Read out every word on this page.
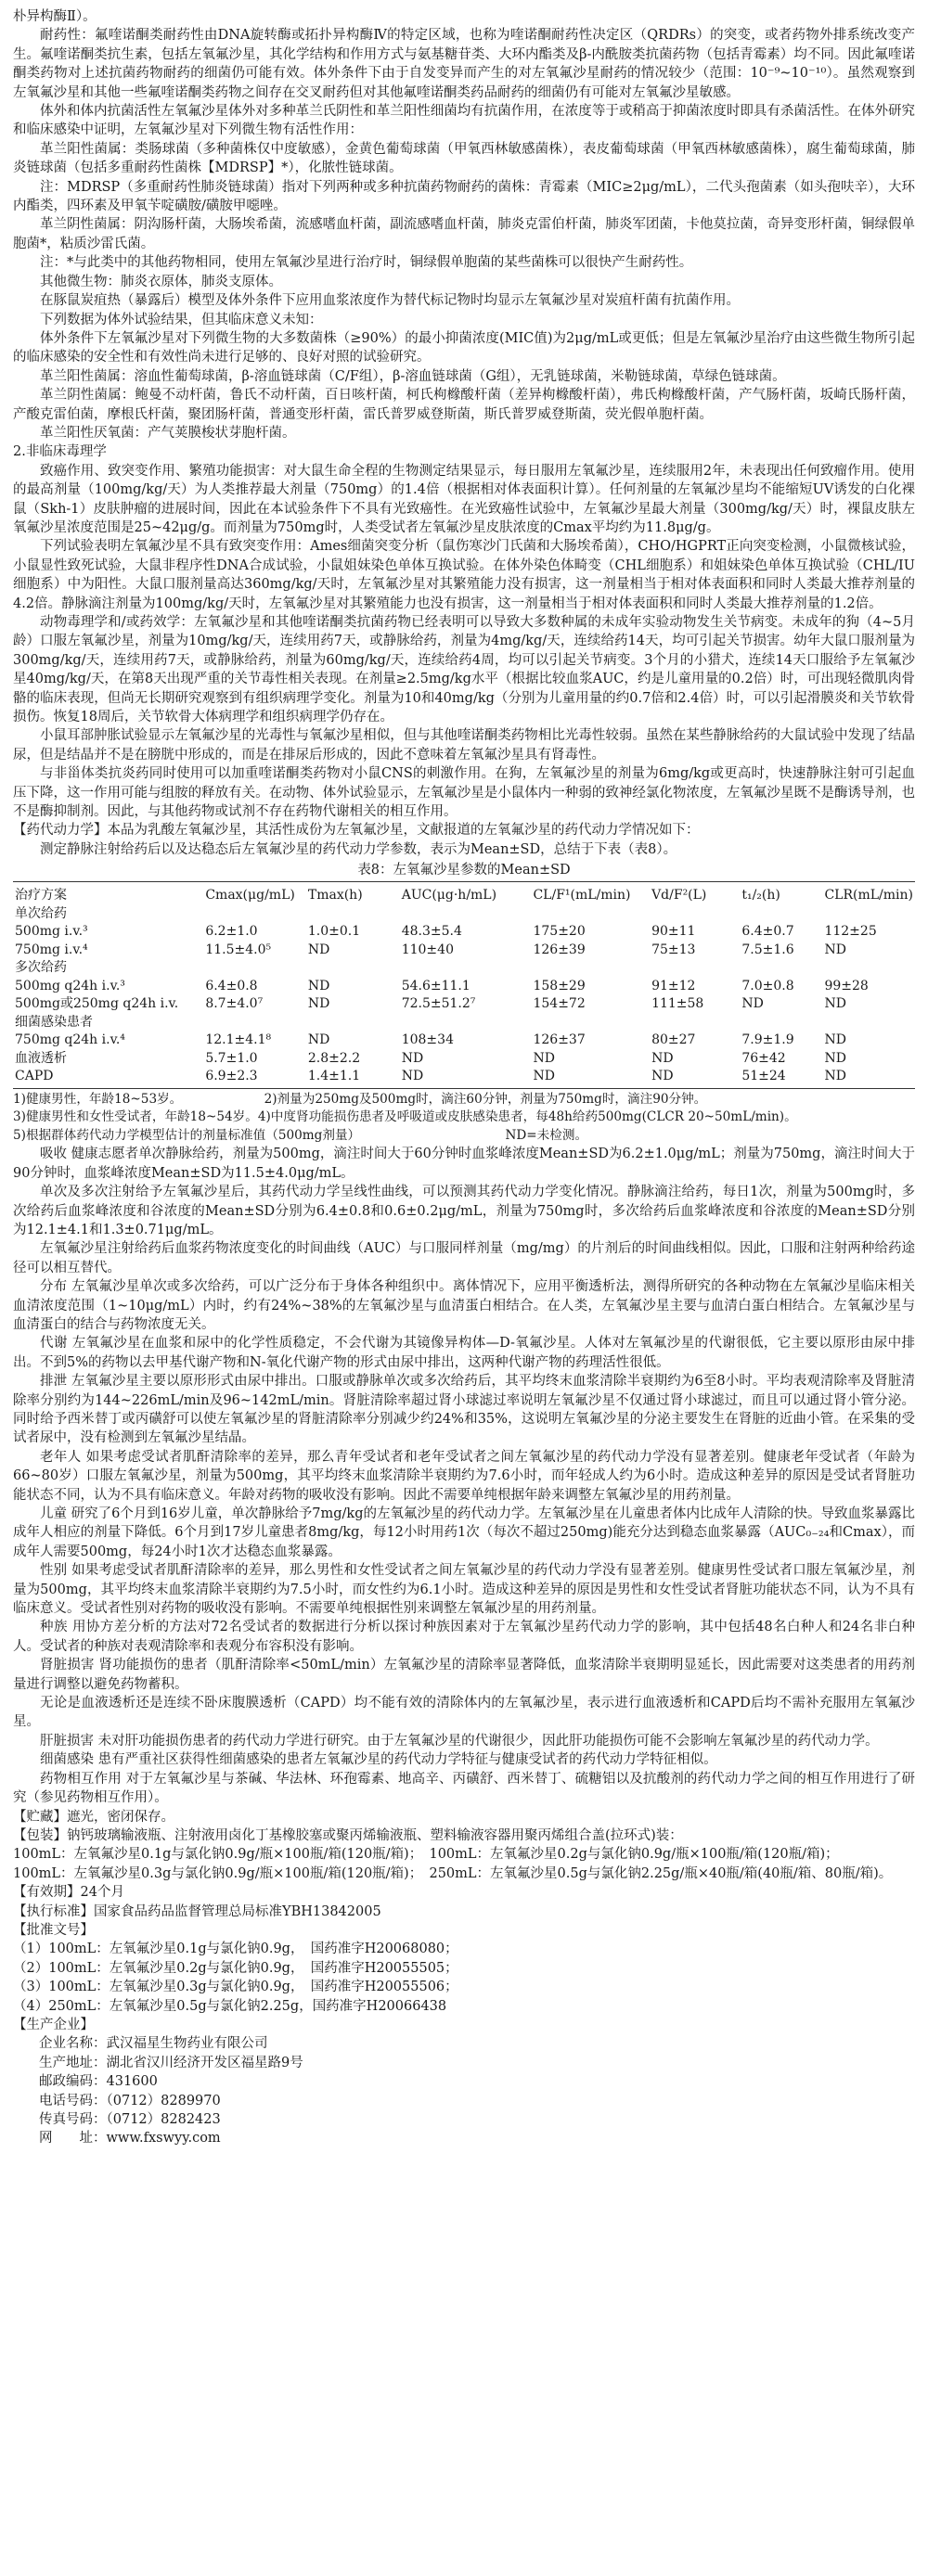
朴异构酶Ⅱ）。

耐药性：氟喹诺酮类耐药性由DNA旋转酶或拓扑异构酶Ⅳ的特定区域，也称为喹诺酮耐药性决定区（QRDRs）的突变，或者药物外排系统改变产生。氟喹诺酮类抗生素，包括左氧氟沙星，其化学结构和作用方式与氨基糖苷类、大环内酯类及β-内酰胺类抗菌药物（包括青霉素）均不同。因此氟喹诺酮类药物对上述抗菌药物耐药的细菌仍可能有效。体外条件下由于自发变异而产生的对左氧氟沙星耐药的情况较少（范围：10⁻⁹~10⁻¹⁰）。虽然观察到左氧氟沙星和其他一些氟喹诺酮类药物之间存在交叉耐药但对其他氟喹诺酮类药品耐药的细菌仍有可能对左氧氟沙星敏感。

体外和体内抗菌活性左氧氟沙星体外对多种革兰氏阴性和革兰阳性细菌均有抗菌作用，在浓度等于或稍高于抑菌浓度时即具有杀菌活性。在体外研究和临床感染中证明，左氧氟沙星对下列微生物有活性作用：

革兰阳性菌属：类肠球菌（多种菌株仅中度敏感），金黄色葡萄球菌（甲氧西林敏感菌株），表皮葡萄球菌（甲氧西林敏感菌株），腐生葡萄球菌，肺炎链球菌（包括多重耐药性菌株【MDRSP】*），化脓性链球菌。

注：MDRSP（多重耐药性肺炎链球菌）指对下列两种或多种抗菌药物耐药的菌株：青霉素（MIC≥2μg/mL），二代头孢菌素（如头孢呋辛），大环内酯类，四环素及甲氧苄啶磺胺/磺胺甲噁唑。

革兰阴性菌属：阴沟肠杆菌，大肠埃希菌，流感嗜血杆菌，副流感嗜血杆菌，肺炎克雷伯杆菌，肺炎军团菌，卡他莫拉菌，奇异变形杆菌，铜绿假单胞菌*，粘质沙雷氏菌。

注：*与此类中的其他药物相同，使用左氧氟沙星进行治疗时，铜绿假单胞菌的某些菌株可以很快产生耐药性。

其他微生物：肺炎衣原体，肺炎支原体。

在豚鼠炭疽热（暴露后）模型及体外条件下应用血浆浓度作为替代标记物时均显示左氧氟沙星对炭疽杆菌有抗菌作用。

下列数据为体外试验结果，但其临床意义未知：

体外条件下左氧氟沙星对下列微生物的大多数菌株（≥90%）的最小抑菌浓度(MIC值)为2μg/mL或更低；但是左氧氟沙星治疗由这些微生物所引起的临床感染的安全性和有效性尚未进行足够的、良好对照的试验研究。

革兰阳性菌属：溶血性葡萄球菌，β-溶血链球菌（C/F组），β-溶血链球菌（G组），无乳链球菌，米勒链球菌，草绿色链球菌。

革兰阴性菌属：鲍曼不动杆菌，鲁氏不动杆菌，百日咳杆菌，柯氏枸橼酸杆菌（差异枸橼酸杆菌），弗氏枸橼酸杆菌，产气肠杆菌，坂崎氏肠杆菌，产酸克雷伯菌，摩根氏杆菌，聚团肠杆菌，普通变形杆菌，雷氏普罗威登斯菌，斯氏普罗威登斯菌，荧光假单胞杆菌。

革兰阳性厌氧菌：产气荚膜梭状芽胞杆菌。

2.非临床毒理学

致癌作用、致突变作用、繁殖功能损害：对大鼠生命全程的生物测定结果显示，每日服用左氧氟沙星，连续服用2年，未表现出任何致瘤作用。使用的最高剂量（100mg/kg/天）为人类推荐最大剂量（750mg）的1.4倍（根据相对体表面积计算）。任何剂量的左氧氟沙星均不能缩短UV诱发的白化裸鼠（Skh-1）皮肤肿瘤的进展时间，因此在本试验条件下不具有光致癌性。在光致癌性试验中，左氧氟沙星最大剂量（300mg/kg/天）时，裸鼠皮肤左氧氟沙星浓度范围是25~42μg/g。而剂量为750mg时，人类受试者左氧氟沙星皮肤浓度的Cmax平均约为11.8μg/g。

下列试验表明左氧氟沙星不具有致突变作用：Ames细菌突变分析（鼠伤寒沙门氏菌和大肠埃希菌），CHO/HGPRT正向突变检测，小鼠微核试验，小鼠显性致死试验，大鼠非程序性DNA合成试验，小鼠姐妹染色单体互换试验。在体外染色体畸变（CHL细胞系）和姐妹染色单体互换试验（CHL/IU细胞系）中为阳性。大鼠口服剂量高达360mg/kg/天时，左氧氟沙星对其繁殖能力没有损害，这一剂量相当于相对体表面积和同时人类最大推荐剂量的4.2倍。静脉滴注剂量为100mg/kg/天时，左氧氟沙星对其繁殖能力也没有损害，这一剂量相当于相对体表面积和同时人类最大推荐剂量的1.2倍。

动物毒理学和/或药效学：左氧氟沙星和其他喹诺酮类抗菌药物已经表明可以导致大多数种属的未成年实验动物发生关节病变。未成年的狗（4~5月龄）口服左氧氟沙星，剂量为10mg/kg/天，连续用药7天，或静脉给药，剂量为4mg/kg/天，连续给药14天，均可引起关节损害。幼年大鼠口服剂量为300mg/kg/天，连续用药7天，或静脉给药，剂量为60mg/kg/天，连续给药4周，均可以引起关节病变。3个月的小猎犬，连续14天口服给予左氧氟沙星40mg/kg/天，在第8天出现严重的关节毒性相关表现。在剂量≥2.5mg/kg水平（根据比较血浆AUC，约是儿童用量的0.2倍）时，可出现轻微肌肉骨骼的临床表现，但尚无长期研究观察到有组织病理学变化。剂量为10和40mg/kg（分别为儿童用量的约0.7倍和2.4倍）时，可以引起滑膜炎和关节软骨损伤。恢复18周后，关节软骨大体病理学和组织病理学仍存在。

小鼠耳部肿胀试验显示左氧氟沙星的光毒性与氧氟沙星相似，但与其他喹诺酮类药物相比光毒性较弱。虽然在某些静脉给药的大鼠试验中发现了结晶尿，但是结晶并不是在膀胱中形成的，而是在排尿后形成的，因此不意味着左氧氟沙星具有肾毒性。

与非甾体类抗炎药同时使用可以加重喹诺酮类药物对小鼠CNS的刺激作用。在狗，左氧氟沙星的剂量为6mg/kg或更高时，快速静脉注射可引起血压下降，这一作用可能与组胺的释放有关。在动物、体外试验显示，左氧氟沙星是小鼠体内一种弱的致神经氯化物浓度，左氧氟沙星既不是酶诱导剂，也不是酶抑制剂。因此，与其他药物或试剂不存在药物代谢相关的相互作用。

【药代动力学】本品为乳酸左氧氟沙星，其活性成份为左氧氟沙星，文献报道的左氧氟沙星的药代动力学情况如下：

测定静脉注射给药后以及达稳态后左氧氟沙星的药代动力学参数，表示为Mean±SD，总结于下表（表8）。

表8：左氧氟沙星参数的Mean±SD
治疗方案	Cmax(μg/mL)	Tmax(h)	AUC(μg·h/mL)	CL/F¹(mL/min)	Vd/F²(L)	t₁/₂(h)	CLR(mL/min)
单次给药							
500mg i.v.³	6.2±1.0	1.0±0.1	48.3±5.4	175±20	90±11	6.4±0.7	112±25
750mg i.v.⁴	11.5±4.0⁵	ND	110±40	126±39	75±13	7.5±1.6	ND
多次给药							
500mg q24h i.v.³	6.4±0.8	ND	54.6±11.1	158±29	91±12	7.0±0.8	99±28
500mg或250mg q24h i.v.	8.7±4.0⁷	ND	72.5±51.2⁷	154±72	111±58	ND	ND
细菌感染患者							
750mg q24h i.v.⁴	12.1±4.1⁸	ND	108±34	126±37	80±27	7.9±1.9	ND
血液透析	5.7±1.0	2.8±2.2	ND	ND	ND	76±42	ND
CAPD	6.9±2.3	1.4±1.1	ND	ND	ND	51±24	ND

1)健康男性，年龄18~53岁。　　　　　　　	2)剂量为250mg及500mg时，滴注60分钟，剂量为750mg时，滴注90分钟。

3)健康男性和女性受试者，年龄18~54岁。4)中度肾功能损伤患者及呼吸道或皮肤感染患者，每48h给药500mg(CLCR 20~50mL/min)。

5)根据群体药代动力学模型估计的剂量标准值（500mg剂量）　　　　　　　　　　　　	ND=未检测。

吸收 健康志愿者单次静脉给药，剂量为500mg，滴注时间大于60分钟时血浆峰浓度Mean±SD为6.2±1.0μg/mL；剂量为750mg，滴注时间大于90分钟时，血浆峰浓度Mean±SD为11.5±4.0μg/mL。

单次及多次注射给予左氧氟沙星后，其药代动力学呈线性曲线，可以预测其药代动力学变化情况。静脉滴注给药，每日1次，剂量为500mg时，多次给药后血浆峰浓度和谷浓度的Mean±SD分别为6.4±0.8和0.6±0.2μg/mL，剂量为750mg时，多次给药后血浆峰浓度和谷浓度的Mean±SD分别为12.1±4.1和1.3±0.71μg/mL。

左氧氟沙星注射给药后血浆药物浓度变化的时间曲线（AUC）与口服同样剂量（mg/mg）的片剂后的时间曲线相似。因此，口服和注射两种给药途径可以相互替代。

分布 左氧氟沙星单次或多次给药，可以广泛分布于身体各种组织中。离体情况下，应用平衡透析法，测得所研究的各种动物在左氧氟沙星临床相关血清浓度范围（1~10μg/mL）内时，约有24%~38%的左氧氟沙星与血清蛋白相结合。在人类，左氧氟沙星主要与血清白蛋白相结合。左氧氟沙星与血清蛋白的结合与药物浓度无关。

代谢 左氧氟沙星在血浆和尿中的化学性质稳定，不会代谢为其镜像异构体—D-氧氟沙星。人体对左氧氟沙星的代谢很低，它主要以原形由尿中排出。不到5%的药物以去甲基代谢产物和N-氧化代谢产物的形式由尿中排出，这两种代谢产物的药理活性很低。

排泄 左氧氟沙星主要以原形形式由尿中排出。口服或静脉单次或多次给药后，其平均终末血浆清除半衰期约为6至8小时。平均表观清除率及肾脏清除率分别约为144~226mL/min及96~142mL/min。肾脏清除率超过肾小球滤过率说明左氧氟沙星不仅通过肾小球滤过，而且可以通过肾小管分泌。同时给予西米替丁或丙磺舒可以使左氧氟沙星的肾脏清除率分别减少约24%和35%，这说明左氧氟沙星的分泌主要发生在肾脏的近曲小管。在采集的受试者尿中，没有检测到左氧氟沙星结晶。

老年人 如果考虑受试者肌酐清除率的差异，那么青年受试者和老年受试者之间左氧氟沙星的药代动力学没有显著差别。健康老年受试者（年龄为66~80岁）口服左氧氟沙星，剂量为500mg，其平均终末血浆清除半衰期约为7.6小时，而年轻成人约为6小时。造成这种差异的原因是受试者肾脏功能状态不同，认为不具有临床意义。年龄对药物的吸收没有影响。因此不需要单纯根据年龄来调整左氧氟沙星的用药剂量。

儿童 研究了6个月到16岁儿童，单次静脉给予7mg/kg的左氧氟沙星的药代动力学。左氧氟沙星在儿童患者体内比成年人清除的快。导致血浆暴露比成年人相应的剂量下降低。6个月到17岁儿童患者8mg/kg，每12小时用药1次（每次不超过250mg)能充分达到稳态血浆暴露（AUC₀₋₂₄和Cmax），而成年人需要500mg，每24小时1次才达稳态血浆暴露。

性别 如果考虑受试者肌酐清除率的差异，那么男性和女性受试者之间左氧氟沙星的药代动力学没有显著差别。健康男性受试者口服左氧氟沙星，剂量为500mg，其平均终末血浆清除半衰期约为7.5小时，而女性约为6.1小时。造成这种差异的原因是男性和女性受试者肾脏功能状态不同，认为不具有临床意义。受试者性别对药物的吸收没有影响。不需要单纯根据性别来调整左氧氟沙星的用药剂量。

种族 用协方差分析的方法对72名受试者的数据进行分析以探讨种族因素对于左氧氟沙星药代动力学的影响，其中包括48名白种人和24名非白种人。受试者的种族对表观清除率和表观分布容积没有影响。

肾脏损害 肾功能损伤的患者（肌酐清除率<50mL/min）左氧氟沙星的清除率显著降低，血浆清除半衰期明显延长，因此需要对这类患者的用药剂量进行调整以避免药物蓄积。

无论是血液透析还是连续不卧床腹膜透析（CAPD）均不能有效的清除体内的左氧氟沙星，表示进行血液透析和CAPD后均不需补充服用左氧氟沙星。

肝脏损害 未对肝功能损伤患者的药代动力学进行研究。由于左氧氟沙星的代谢很少，因此肝功能损伤可能不会影响左氧氟沙星的药代动力学。

细菌感染 患有严重社区获得性细菌感染的患者左氧氟沙星的药代动力学特征与健康受试者的药代动力学特征相似。

药物相互作用 对于左氧氟沙星与茶碱、华法林、环孢霉素、地高辛、丙磺舒、西米替丁、硫糖铝以及抗酸剂的药代动力学之间的相互作用进行了研究（参见药物相互作用）。

【贮藏】遮光，密闭保存。

【包装】钠钙玻璃输液瓶、注射液用卤化丁基橡胶塞或聚丙烯输液瓶、塑料输液容器用聚丙烯组合盖(拉环式)装：

100mL：左氧氟沙星0.1g与氯化钠0.9g/瓶×100瓶/箱(120瓶/箱)；　 100mL：左氧氟沙星0.2g与氯化钠0.9g/瓶×100瓶/箱(120瓶/箱)；

100mL：左氧氟沙星0.3g与氯化钠0.9g/瓶×100瓶/箱(120瓶/箱)；　 250mL：左氧氟沙星0.5g与氯化钠2.25g/瓶×40瓶/箱(40瓶/箱、80瓶/箱)。

【有效期】24个月

【执行标准】国家食品药品监督管理总局标准YBH13842005

【批准文号】

（1）100mL：左氧氟沙星0.1g与氯化钠0.9g，　国药准字H20068080；

（2）100mL：左氧氟沙星0.2g与氯化钠0.9g，　国药准字H20055505；

（3）100mL：左氧氟沙星0.3g与氯化钠0.9g，　国药准字H20055506；

（4）250mL：左氧氟沙星0.5g与氯化钠2.25g，国药准字H20066438

【生产企业】

企业名称：武汉福星生物药业有限公司
生产地址：湖北省汉川经济开发区福星路9号
邮政编码：431600
电话号码：（0712）8289970
传真号码：（0712）8282423
网　　址：www.fxswyy.com
